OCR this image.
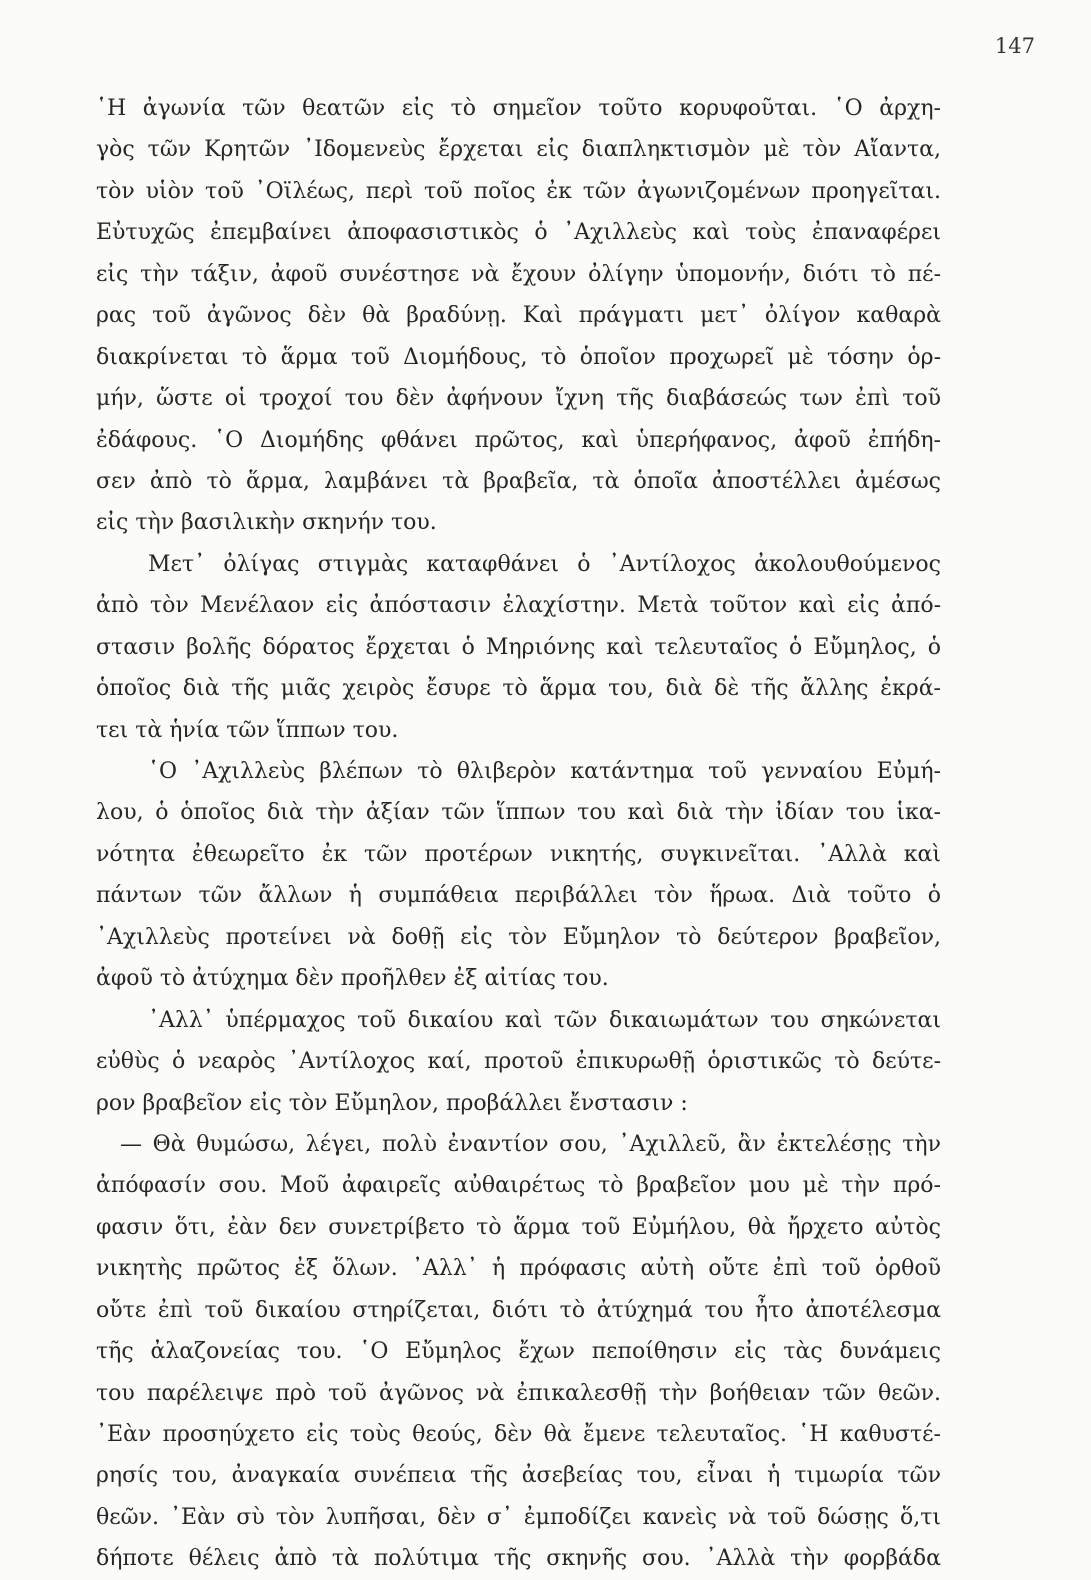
147
῾Η ἀγωνία τῶν θεατῶν εἰς τὸ σημεῖον τοῦτο κορυφοῦται. ῾Ο ἀρχη-
γὸς τῶν Κρητῶν ᾿Ιδομενεὺς ἔρχεται εἰς διαπληκτισμὸν μὲ τὸν Αἴαντα,
τὸν υἱὸν τοῦ ᾿Οϊλέως, περὶ τοῦ ποῖος ἐκ τῶν ἀγωνιζομένων προηγεῖται.
Εὐτυχῶς ἐπεμβαίνει ἀποφασιστικὸς ὁ ᾿Αχιλλεὺς καὶ τοὺς ἐπαναφέρει
εἰς τὴν τάξιν, ἀφοῦ συνέστησε νὰ ἔχουν ὀλίγην ὑπομονήν, διότι τὸ πέ-
ρας τοῦ ἀγῶνος δὲν θὰ βραδύνῃ. Καὶ πράγματι μετ᾿ ὀλίγον καθαρὰ
διακρίνεται τὸ ἅρμα τοῦ Διομήδους, τὸ ὁποῖον προχωρεῖ μὲ τόσην ὁρ-
μήν, ὥστε οἱ τροχοί του δὲν ἀφήνουν ἴχνη τῆς διαβάσεώς των ἐπὶ τοῦ
ἐδάφους. ῾Ο Διομήδης φθάνει πρῶτος, καὶ ὑπερήφανος, ἀφοῦ ἐπήδη-
σεν ἀπὸ τὸ ἅρμα, λαμβάνει τὰ βραβεῖα, τὰ ὁποῖα ἀποστέλλει ἀμέσως
εἰς τὴν βασιλικὴν σκηνήν του.
Μετ᾿ ὀλίγας στιγμὰς καταφθάνει ὁ ᾿Αντίλοχος ἀκολουθούμενος
ἀπὸ τὸν Μενέλαον εἰς ἀπόστασιν ἐλαχίστην. Μετὰ τοῦτον καὶ εἰς ἀπό-
στασιν βολῆς δόρατος ἔρχεται ὁ Μηριόνης καὶ τελευταῖος ὁ Εὔμηλος, ὁ
ὁποῖος διὰ τῆς μιᾶς χειρὸς ἔσυρε τὸ ἅρμα του, διὰ δὲ τῆς ἄλλης ἐκρά-
τει τὰ ἡνία τῶν ἵππων του.
῾Ο ᾿Αχιλλεὺς βλέπων τὸ θλιβερὸν κατάντημα τοῦ γενναίου Εὐμή-
λου, ὁ ὁποῖος διὰ τὴν ἀξίαν τῶν ἵππων του καὶ διὰ τὴν ἰδίαν του ἱκα-
νότητα ἐθεωρεῖτο ἐκ τῶν προτέρων νικητής, συγκινεῖται. ᾿Αλλὰ καὶ
πάντων τῶν ἄλλων ἡ συμπάθεια περιβάλλει τὸν ἥρωα. Διὰ τοῦτο ὁ
᾿Αχιλλεὺς προτείνει νὰ δοθῇ εἰς τὸν Εὔμηλον τὸ δεύτερον βραβεῖον,
ἀφοῦ τὸ ἀτύχημα δὲν προῆλθεν ἐξ αἰτίας του.
᾿Αλλ᾿ ὑπέρμαχος τοῦ δικαίου καὶ τῶν δικαιωμάτων του σηκώνεται
εὐθὺς ὁ νεαρὸς ᾿Αντίλοχος καί, προτοῦ ἐπικυρωθῇ ὁριστικῶς τὸ δεύτε-
ρον βραβεῖον εἰς τὸν Εὔμηλον, προβάλλει ἔνστασιν :
— Θὰ θυμώσω, λέγει, πολὺ ἐναντίον σου, ᾿Αχιλλεῦ, ἂν ἐκτελέσῃς τὴν
ἀπόφασίν σου. Μοῦ ἀφαιρεῖς αὐθαιρέτως τὸ βραβεῖον μου μὲ τὴν πρό-
φασιν ὅτι, ἐὰν δεν συνετρίβετο τὸ ἅρμα τοῦ Εὐμήλου, θὰ ἤρχετο αὐτὸς
νικητὴς πρῶτος ἐξ ὅλων. ᾿Αλλ᾿ ἡ πρόφασις αὐτὴ οὔτε ἐπὶ τοῦ ὀρθοῦ
οὔτε ἐπὶ τοῦ δικαίου στηρίζεται, διότι τὸ ἀτύχημά του ἦτο ἀποτέλεσμα
τῆς ἀλαζονείας του. ῾Ο Εὔμηλος ἔχων πεποίθησιν εἰς τὰς δυνάμεις
του παρέλειψε πρὸ τοῦ ἀγῶνος νὰ ἐπικαλεσθῇ τὴν βοήθειαν τῶν θεῶν.
᾿Εὰν προσηύχετο εἰς τοὺς θεούς, δὲν θὰ ἔμενε τελευταῖος. ῾Η καθυστέ-
ρησίς του, ἀναγκαία συνέπεια τῆς ἀσεβείας του, εἶναι ἡ τιμωρία τῶν
θεῶν. ᾿Εὰν σὺ τὸν λυπῆσαι, δὲν σ᾿ ἐμποδίζει κανεὶς νὰ τοῦ δώσῃς ὅ,τι
δήποτε θέλεις ἀπὸ τὰ πολύτιμα τῆς σκηνῆς σου. ᾿Αλλὰ τὴν φορβάδα
